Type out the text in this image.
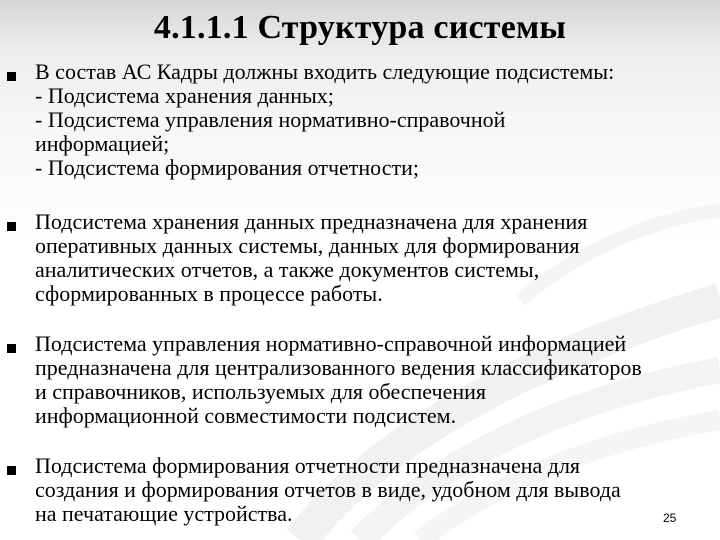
4.1.1.1 Структура системы
В состав АС Кадры должны входить следующие подсистемы:
- Подсистема хранения данных;
- Подсистема управления нормативно-справочной
информацией;
- Подсистема формирования отчетности;
Подсистема хранения данных предназначена для хранения
оперативных данных системы, данных для формирования
аналитических отчетов, а также документов системы,
сформированных в процессе работы.
Подсистема управления нормативно-справочной информацией
предназначена для централизованного ведения классификаторов
и справочников, используемых для обеспечения
информационной совместимости подсистем.
Подсистема формирования отчетности предназначена для
создания и формирования отчетов в виде, удобном для вывода
на печатающие устройства.	25
